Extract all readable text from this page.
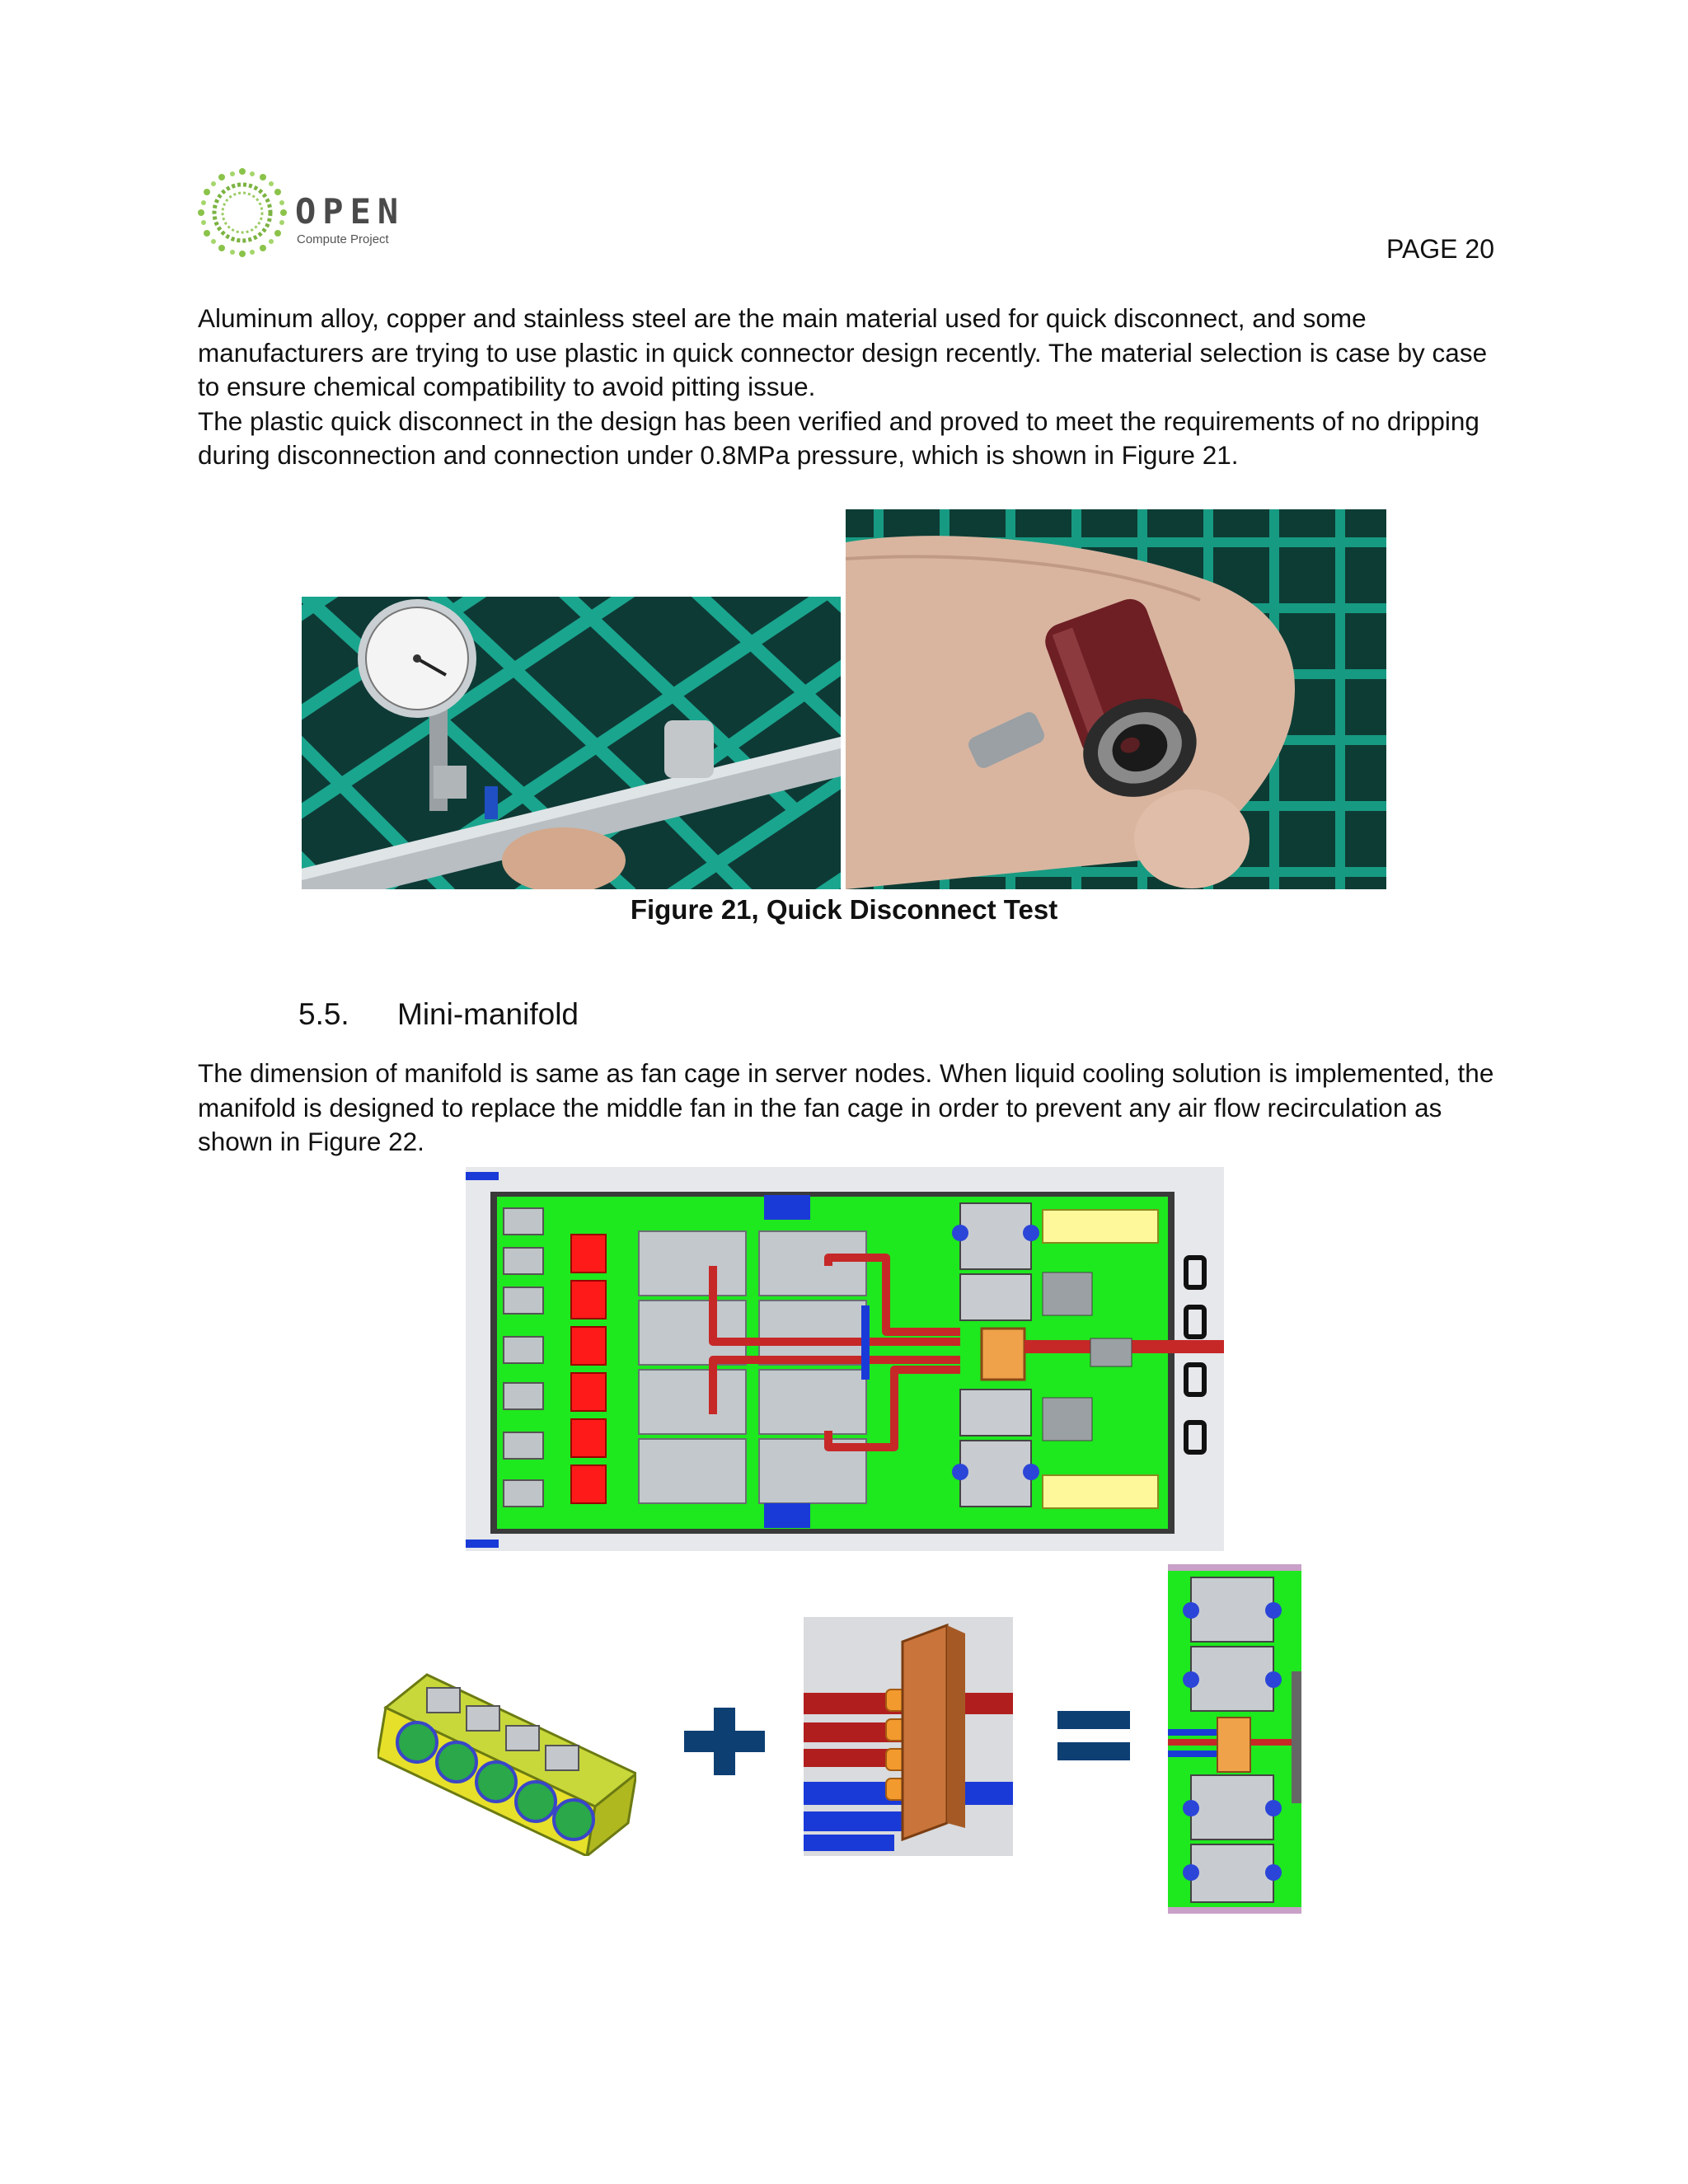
OPEN
Compute Project	PAGE 20

Aluminum alloy, copper and stainless steel are the main material used for quick disconnect, and some manufacturers are trying to use plastic in quick connector design recently. The material selection is case by case to ensure chemical compatibility to avoid pitting issue.

The plastic quick disconnect in the design has been verified and proved to meet the requirements of no dripping during disconnection and connection under 0.8MPa pressure, which is shown in Figure 21.

Figure 21, Quick Disconnect Test
5.5. Mini-manifold
The dimension of manifold is same as fan cage in server nodes. When liquid cooling solution is implemented, the manifold is designed to replace the middle fan in the fan cage in order to prevent any air flow recirculation as shown in Figure 22.
